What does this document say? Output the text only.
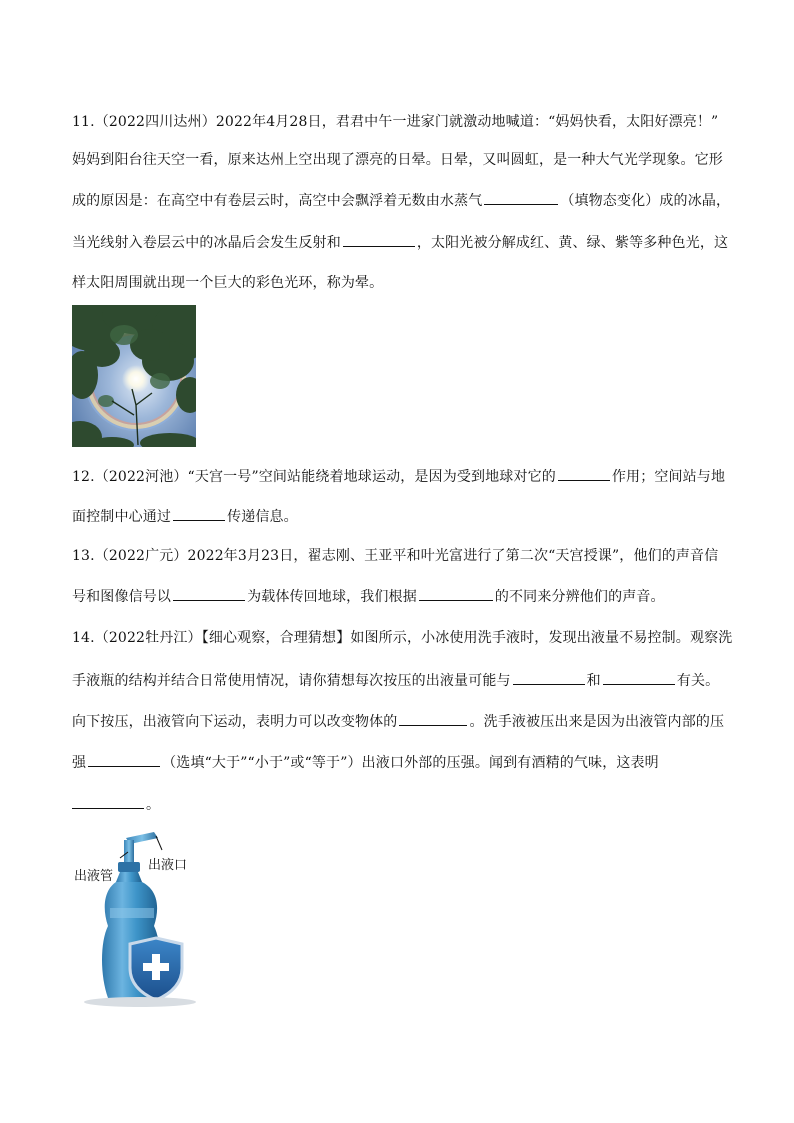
11.（2022四川达州）2022年4月28日，君君中午一进家门就激动地喊道：“妈妈快看，太阳好漂亮！”
妈妈到阳台往天空一看，原来达州上空出现了漂亮的日晕。日晕，又叫圆虹，是一种大气光学现象。它形
成的原因是：在高空中有卷层云时，高空中会飘浮着无数由水蒸气	（填物态变化）成的冰晶，
当光线射入卷层云中的冰晶后会发生反射和	，太阳光被分解成红、黄、绿、紫等多种色光，这
样太阳周围就出现一个巨大的彩色光环，称为晕。
12.（2022河池）“天宫一号”空间站能绕着地球运动，是因为受到地球对它的	作用；空间站与地
面控制中心通过	传递信息。
13.（2022广元）2022年3月23日，翟志刚、王亚平和叶光富进行了第二次“天宫授课”，他们的声音信
号和图像信号以	为载体传回地球，我们根据	的不同来分辨他们的声音。
14.（2022牡丹江）【细心观察，合理猜想】如图所示，小冰使用洗手液时，发现出液量不易控制。观察洗
手液瓶的结构并结合日常使用情况，请你猜想每次按压的出液量可能与	和	有关。
向下按压，出液管向下运动，表明力可以改变物体的	。洗手液被压出来是因为出液管内部的压
强	（选填“大于”“小于”或“等于”）出液口外部的压强。闻到有酒精的气味，这表明
。
出液口
出液管
